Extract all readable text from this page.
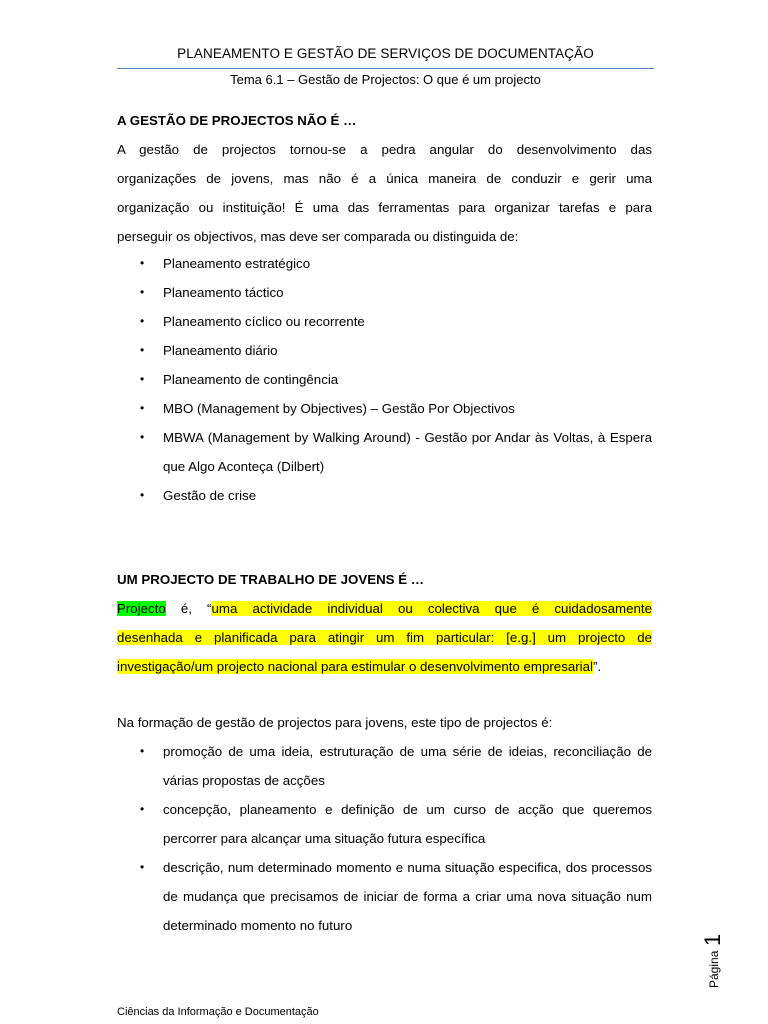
PLANEAMENTO E GESTÃO DE SERVIÇOS DE DOCUMENTAÇÃO
Tema 6.1 – Gestão de Projectos: O que é um projecto
A GESTÃO DE PROJECTOS NÃO É …
A gestão de projectos tornou-se a pedra angular do desenvolvimento das
organizações de jovens, mas não é a única maneira de conduzir e gerir uma
organização ou instituição! É uma das ferramentas para organizar tarefas e para
perseguir os objectivos, mas deve ser comparada ou distinguida de:
• Planeamento estratégico
• Planeamento táctico
• Planeamento cíclico ou recorrente
• Planeamento diário
• Planeamento de contingência
• MBO (Management by Objectives) – Gestão Por Objectivos
• MBWA (Management by Walking Around) - Gestão por Andar às Voltas, à Espera que Algo Aconteça (Dilbert)
• Gestão de crise
UM PROJECTO DE TRABALHO DE JOVENS É …
Projecto é, “uma actividade individual ou colectiva que é cuidadosamente
desenhada e planificada para atingir um fim particular: [e.g.] um projecto de
investigação/um projecto nacional para estimular o desenvolvimento empresarial”.
Na formação de gestão de projectos para jovens, este tipo de projectos é:
• promoção de uma ideia, estruturação de uma série de ideias, reconciliação de várias propostas de acções
• concepção, planeamento e definição de um curso de acção que queremos percorrer para alcançar uma situação futura específica
• descrição, num determinado momento e numa situação especifica, dos processos de mudança que precisamos de iniciar de forma a criar uma nova situação num determinado momento no futuro
Página
1
Ciências da Informação e Documentação
